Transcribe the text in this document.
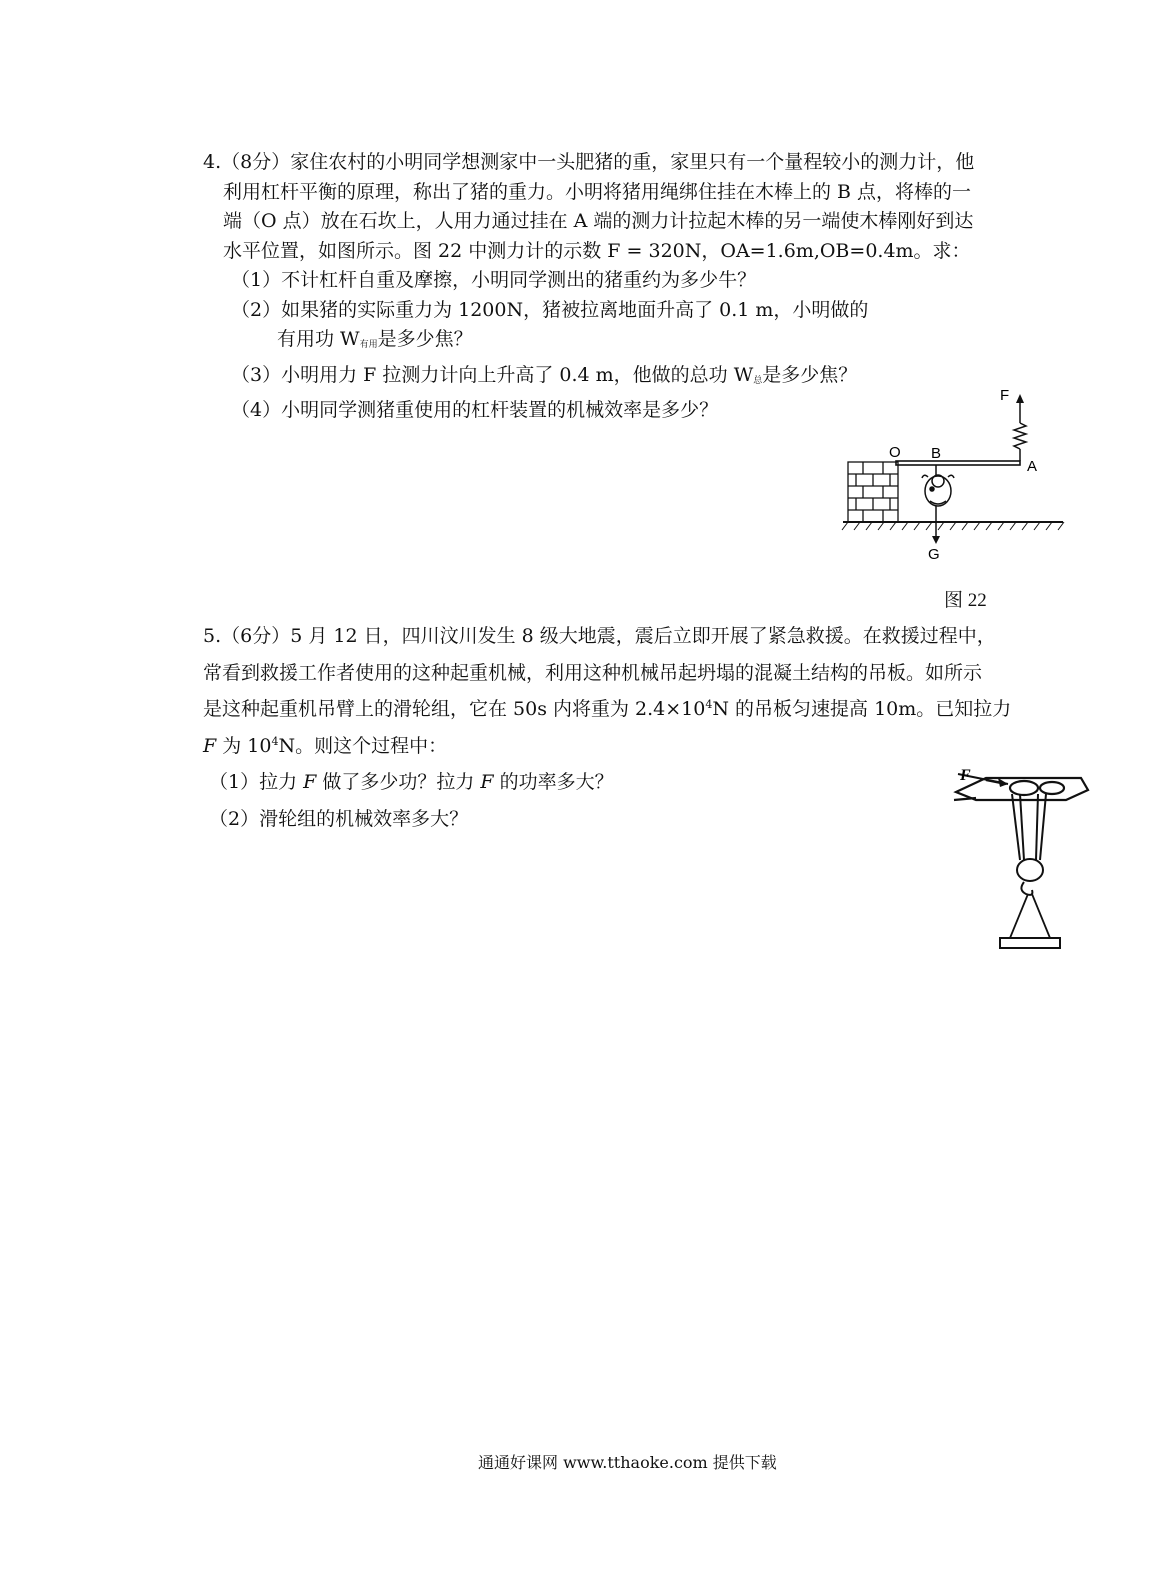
4.（8分）家住农村的小明同学想测家中一头肥猪的重，家里只有一个量程较小的测力计，他
利用杠杆平衡的原理，称出了猪的重力。小明将猪用绳绑住挂在木棒上的 B 点，将棒的一
端（O 点）放在石坎上，人用力通过挂在 A 端的测力计拉起木棒的另一端使木棒刚好到达
水平位置，如图所示。图 22 中测力计的示数 F = 320N，OA=1.6m,OB=0.4m。求：
（1）不计杠杆自重及摩擦，小明同学测出的猪重约为多少牛？
（2）如果猪的实际重力为 1200N，猪被拉离地面升高了 0.1 m，小明做的
有用功 W有用是多少焦？
（3）小明用力 F 拉测力计向上升高了 0.4 m，他做的总功 W总是多少焦？
（4）小明同学测猪重使用的杠杆装置的机械效率是多少？
F
O B
A
G
图 22
5.（6分）5 月 12 日，四川汶川发生 8 级大地震，震后立即开展了紧急救援。在救援过程中，
常看到救援工作者使用的这种起重机械，利用这种机械吊起坍塌的混凝土结构的吊板。如所示
是这种起重机吊臂上的滑轮组，它在 50s 内将重为 $2.4\times 10^4N$ 的吊板匀速提高 10m。已知拉力
F 为 $10^4N$。则这个过程中：
（1）拉力 F 做了多少功？拉力 F 的功率多大？
（2）滑轮组的机械效率多大？
F
通通好课网 www.tthaoke.com 提供下载
